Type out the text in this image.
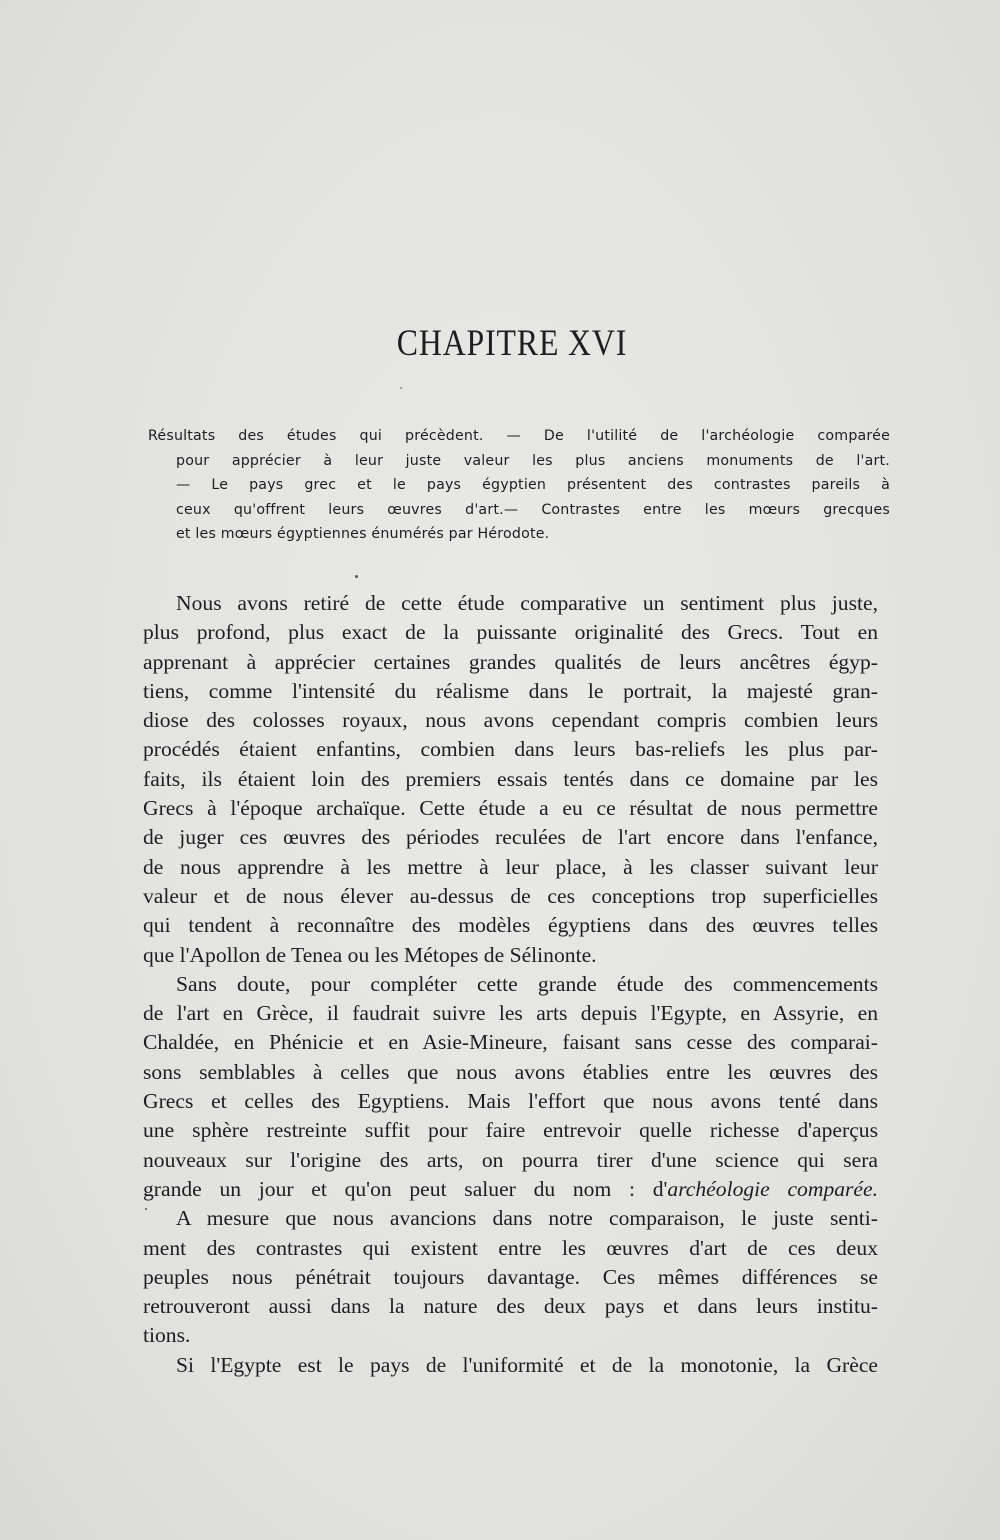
CHAPITRE XVI
Résultats des études qui précèdent. — De l'utilité de l'archéologie comparée
pour apprécier à leur juste valeur les plus anciens monuments de l'art.
— Le pays grec et le pays égyptien présentent des contrastes pareils à
ceux qu'offrent leurs œuvres d'art.— Contrastes entre les mœurs grecques
et les mœurs égyptiennes énumérés par Hérodote.
Nous avons retiré de cette étude comparative un sentiment plus juste,
plus profond, plus exact de la puissante originalité des Grecs. Tout en
apprenant à apprécier certaines grandes qualités de leurs ancêtres égyp-
tiens, comme l'intensité du réalisme dans le portrait, la majesté gran-
diose des colosses royaux, nous avons cependant compris combien leurs
procédés étaient enfantins, combien dans leurs bas-reliefs les plus par-
faits, ils étaient loin des premiers essais tentés dans ce domaine par les
Grecs à l'époque archaïque. Cette étude a eu ce résultat de nous permettre
de juger ces œuvres des périodes reculées de l'art encore dans l'enfance,
de nous apprendre à les mettre à leur place, à les classer suivant leur
valeur et de nous élever au-dessus de ces conceptions trop superficielles
qui tendent à reconnaître des modèles égyptiens dans des œuvres telles
que l'Apollon de Tenea ou les Métopes de Sélinonte.
Sans doute, pour compléter cette grande étude des commencements
de l'art en Grèce, il faudrait suivre les arts depuis l'Egypte, en Assyrie, en
Chaldée, en Phénicie et en Asie-Mineure, faisant sans cesse des comparai-
sons semblables à celles que nous avons établies entre les œuvres des
Grecs et celles des Egyptiens. Mais l'effort que nous avons tenté dans
une sphère restreinte suffit pour faire entrevoir quelle richesse d'aperçus
nouveaux sur l'origine des arts, on pourra tirer d'une science qui sera
grande un jour et qu'on peut saluer du nom : d'archéologie comparée.
A mesure que nous avancions dans notre comparaison, le juste senti-
ment des contrastes qui existent entre les œuvres d'art de ces deux
peuples nous pénétrait toujours davantage. Ces mêmes différences se
retrouveront aussi dans la nature des deux pays et dans leurs institu-
tions.
Si l'Egypte est le pays de l'uniformité et de la monotonie, la Grèce
